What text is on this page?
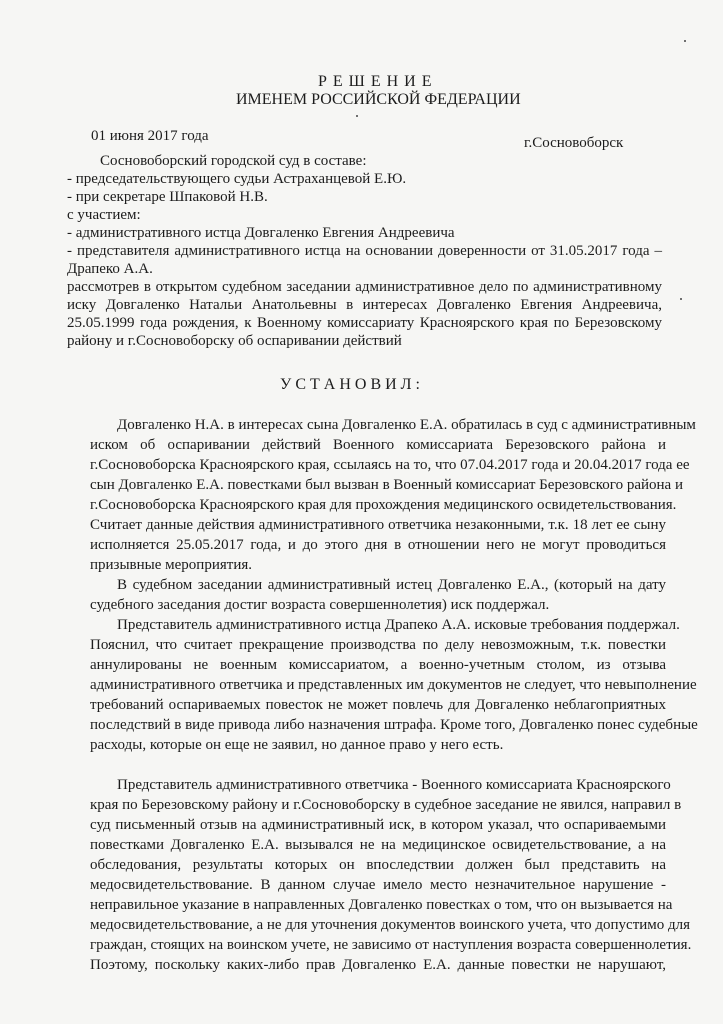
Р Е Ш Е Н И Е
ИМЕНЕМ РОССИЙСКОЙ ФЕДЕРАЦИИ
01 июня 2017 года	г.Сосновоборск
Сосновоборский городской суд в составе:
- председательствующего судьи Астраханцевой Е.Ю.
- при секретаре Шпаковой Н.В.
с участием:
- административного истца Довгаленко Евгения Андреевича
- представителя административного истца на основании доверенности от 31.05.2017 года –
Драпеко А.А.
рассмотрев в открытом судебном заседании административное дело по административному
иску Довгаленко Натальи Анатольевны в интересах Довгаленко Евгения Андреевича,
25.05.1999 года рождения, к Военному комиссариату Красноярского края по Березовскому
району и г.Сосновоборску об оспаривании действий
У С Т А Н О В И Л :
Довгаленко Н.А. в интересах сына Довгаленко Е.А. обратилась в суд с административным
иском об оспаривании действий Военного комиссариата Березовского района и
г.Сосновоборска Красноярского края, ссылаясь на то, что 07.04.2017 года и 20.04.2017 года ее
сын Довгаленко Е.А. повестками был вызван в Военный комиссариат Березовского района и
г.Сосновоборска Красноярского края для прохождения медицинского освидетельствования.
Считает данные действия административного ответчика незаконными, т.к. 18 лет ее сыну
исполняется 25.05.2017 года, и до этого дня в отношении него не могут проводиться
призывные мероприятия.
В судебном заседании административный истец Довгаленко Е.А., (который на дату
судебного заседания достиг возраста совершеннолетия) иск поддержал.
Представитель административного истца Драпеко А.А. исковые требования поддержал.
Пояснил, что считает прекращение производства по делу невозможным, т.к. повестки
аннулированы не военным комиссариатом, а военно-учетным столом, из отзыва
административного ответчика и представленных им документов не следует, что невыполнение
требований оспариваемых повесток не может повлечь для Довгаленко неблагоприятных
последствий в виде привода либо назначения штрафа. Кроме того, Довгаленко понес судебные
расходы, которые он еще не заявил, но данное право у него есть.
Представитель административного ответчика - Военного комиссариата Красноярского
края по Березовскому району и г.Сосновоборску в судебное заседание не явился, направил в
суд письменный отзыв на административный иск, в котором указал, что оспариваемыми
повестками Довгаленко Е.А. вызывался не на медицинское освидетельствование, а на
обследования, результаты которых он впоследствии должен был представить на
медосвидетельствование. В данном случае имело место незначительное нарушение -
неправильное указание в направленных Довгаленко повестках о том, что он вызывается на
медосвидетельствование, а не для уточнения документов воинского учета, что допустимо для
граждан, стоящих на воинском учете, не зависимо от наступления возраста совершеннолетия.
Поэтому, поскольку каких-либо прав Довгаленко Е.А. данные повестки не нарушают,
